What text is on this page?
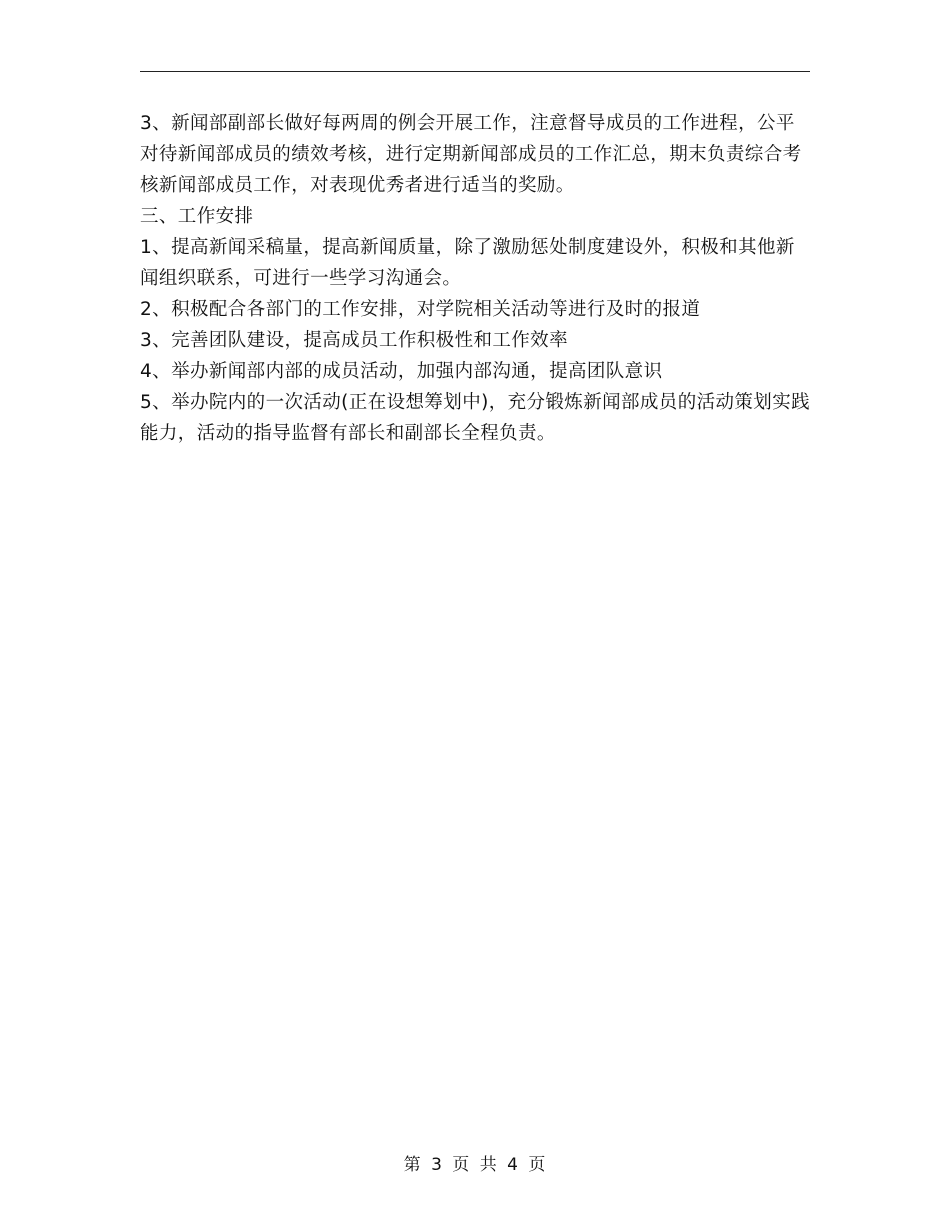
3、新闻部副部长做好每两周的例会开展工作，注意督导成员的工作进程，公平对待新闻部成员的绩效考核，进行定期新闻部成员的工作汇总，期末负责综合考核新闻部成员工作，对表现优秀者进行适当的奖励。

三、工作安排

1、提高新闻采稿量，提高新闻质量，除了激励惩处制度建设外，积极和其他新闻组织联系，可进行一些学习沟通会。

2、积极配合各部门的工作安排，对学院相关活动等进行及时的报道

3、完善团队建设，提高成员工作积极性和工作效率

4、举办新闻部内部的成员活动，加强内部沟通，提高团队意识

5、举办院内的一次活动(正在设想筹划中)，充分锻炼新闻部成员的活动策划实践能力，活动的指导监督有部长和副部长全程负责。

第 3 页 共 4 页
